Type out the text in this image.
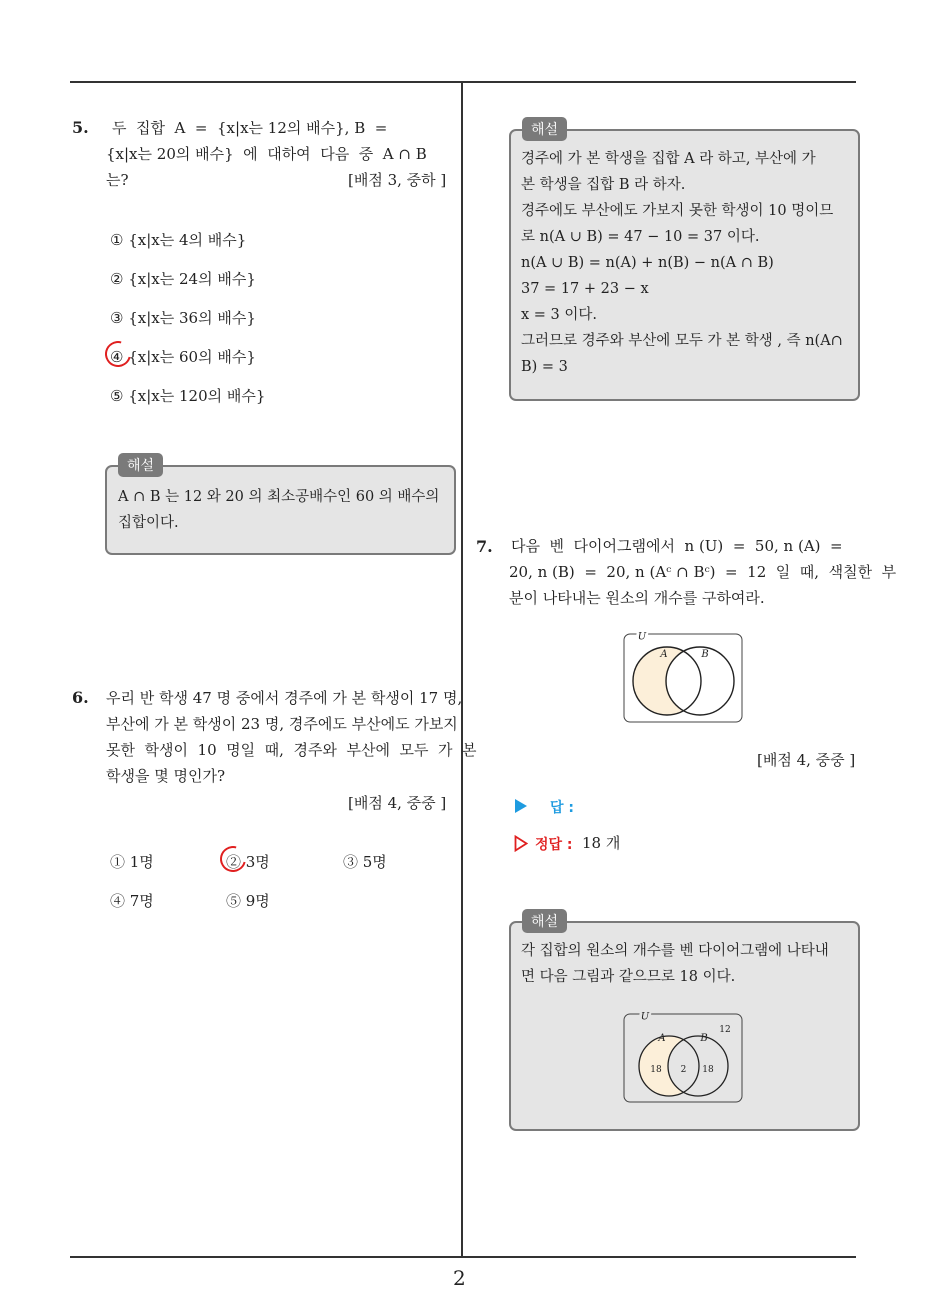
5. 두  집합  A  =  {x|x는 12의 배수}, B  =
{x|x는 20의 배수}  에  대하여  다음  중  A ∩ B
는?	[배점 3, 중하 ]
① {x|x는 4의 배수}
② {x|x는 24의 배수}
③ {x|x는 36의 배수}
④ {x|x는 60의 배수}
⑤ {x|x는 120의 배수}
해설
A ∩ B 는 12 와 20 의 최소공배수인 60 의 배수의
집합이다.
6. 우리 반 학생 47 명 중에서 경주에 가 본 학생이 17 명,
부산에 가 본 학생이 23 명, 경주에도 부산에도 가보지
못한  학생이  10  명일  때,  경주와  부산에  모두  가  본
학생을 몇 명인가?
[배점 4, 중중 ]
① 1명	② 3명	③ 5명
④ 7명	⑤ 9명
해설
경주에 가 본 학생을 집합 A 라 하고, 부산에 가
본 학생을 집합 B 라 하자.
경주에도 부산에도 가보지 못한 학생이 10 명이므
로 n(A ∪ B) = 47 − 10 = 37 이다.
n(A ∪ B) = n(A) + n(B) − n(A ∩ B)
37 = 17 + 23 − x
x = 3 이다.
그러므로 경주와 부산에 모두 가 본 학생 , 즉 n(A∩
B) = 3
7. 다음  벤  다이어그램에서  n (U)  =  50, n (A)  =
20, n (B)  =  20, n (Aᶜ ∩ Bᶜ)  =  12  일  때,  색칠한  부
분이 나타내는 원소의 개수를 구하여라.
U
A	B
[배점 4, 중중 ]
답 :
정답 : 18 개
해설
각 집합의 원소의 개수를 벤 다이어그램에 나타내
면 다음 그림과 같으므로 18 이다.
U
A	B
12
18 2 18
2
